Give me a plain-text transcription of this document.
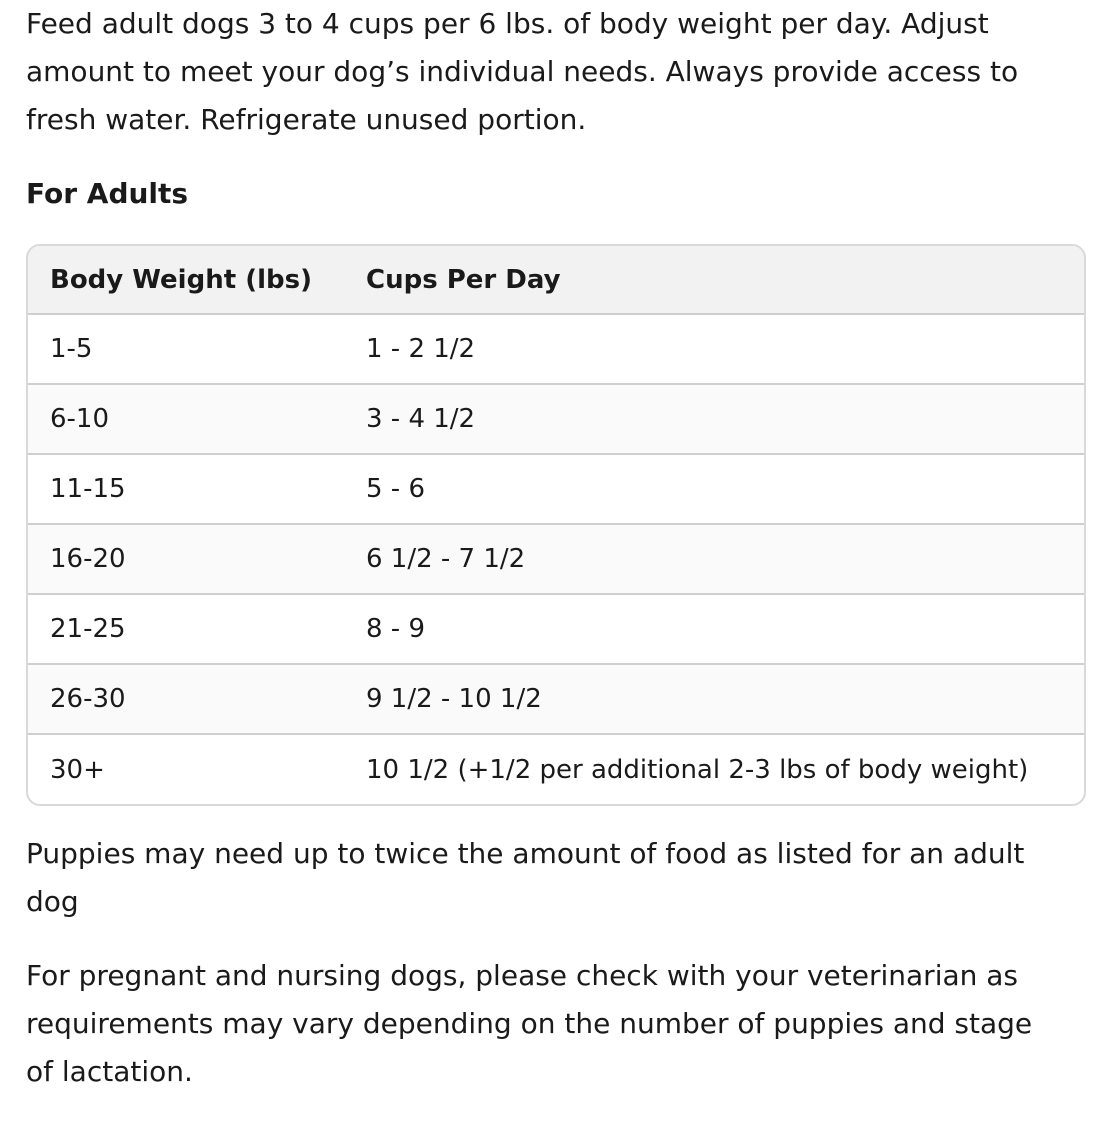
Feed adult dogs 3 to 4 cups per 6 lbs. of body weight per day. Adjust
amount to meet your dog’s individual needs. Always provide access to
fresh water. Refrigerate unused portion.

For Adults
Body Weight (lbs)	Cups Per Day
1-5	1 - 2 1/2
6-10	3 - 4 1/2
11-15	5 - 6
16-20	6 1/2 - 7 1/2
21-25	8 - 9
26-30	9 1/2 - 10 1/2
30+	10 1/2 (+1/2 per additional 2-3 lbs of body weight)

Puppies may need up to twice the amount of food as listed for an adult
dog

For pregnant and nursing dogs, please check with your veterinarian as
requirements may vary depending on the number of puppies and stage
of lactation.
